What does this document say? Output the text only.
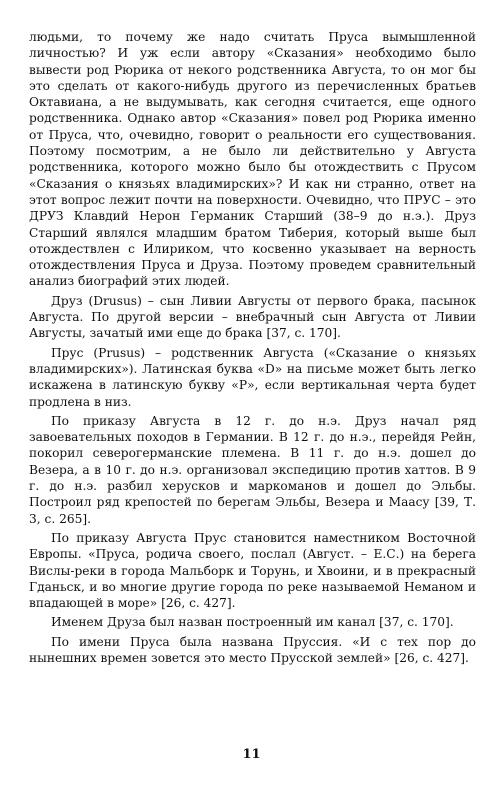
людьми, то почему же надо считать Пруса вымышленной личностью? И уж если автору «Сказания» необходимо было вывести род Рюрика от некого родственника Августа, то он мог бы это сделать от какого-нибудь другого из перечисленных братьев Октавиана, а не выдумывать, как сегодня считается, еще одного родственника. Однако автор «Сказания» повел род Рюрика именно от Пруса, что, очевидно, говорит о реальности его существования. Поэтому посмотрим, а не было ли действительно у Августа родственника, которого можно было бы отождествить с Прусом «Сказания о князьях владимирских»? И как ни странно, ответ на этот вопрос лежит почти на поверхности. Очевидно, что ПРУС – это ДРУЗ Клавдий Нерон Германик Старший (38–9 до н.э.). Друз Старший являлся младшим братом Тиберия, который выше был отождествлен с Илириком, что косвенно указывает на верность отождествления Пруса и Друза. Поэтому проведем сравнительный анализ биографий этих людей.

Друз (Drusus) – сын Ливии Августы от первого брака, пасынок Августа. По другой версии – внебрачный сын Августа от Ливии Августы, зачатый ими еще до брака [37, с. 170].

Прус (Prusus) – родственник Августа («Сказание о князьях владимирских»). Латинская буква «D» на письме может быть легко искажена в латинскую букву «P», если вертикальная черта будет продлена в низ.

По приказу Августа в 12 г. до н.э. Друз начал ряд завоевательных походов в Германии. В 12 г. до н.э., перейдя Рейн, покорил северогерманские племена. В 11 г. до н.э. дошел до Везера, а в 10 г. до н.э. организовал экспедицию против хаттов. В 9 г. до н.э. разбил херусков и маркоманов и дошел до Эльбы. Построил ряд крепостей по берегам Эльбы, Везера и Маасу [39, Т. 3, с. 265].

По приказу Августа Прус становится наместником Восточной Европы. «Пруса, родича своего, послал (Август. – Е.С.) на берега Вислы-реки в города Мальборк и Торунь, и Хвоини, и в прекрасный Гданьск, и во многие другие города по реке называемой Неманом и впадающей в море» [26, с. 427].

Именем Друза был назван построенный им канал [37, с. 170].

По имени Пруса была названа Пруссия. «И с тех пор до нынешних времен зовется это место Прусской землей» [26, с. 427].

11
